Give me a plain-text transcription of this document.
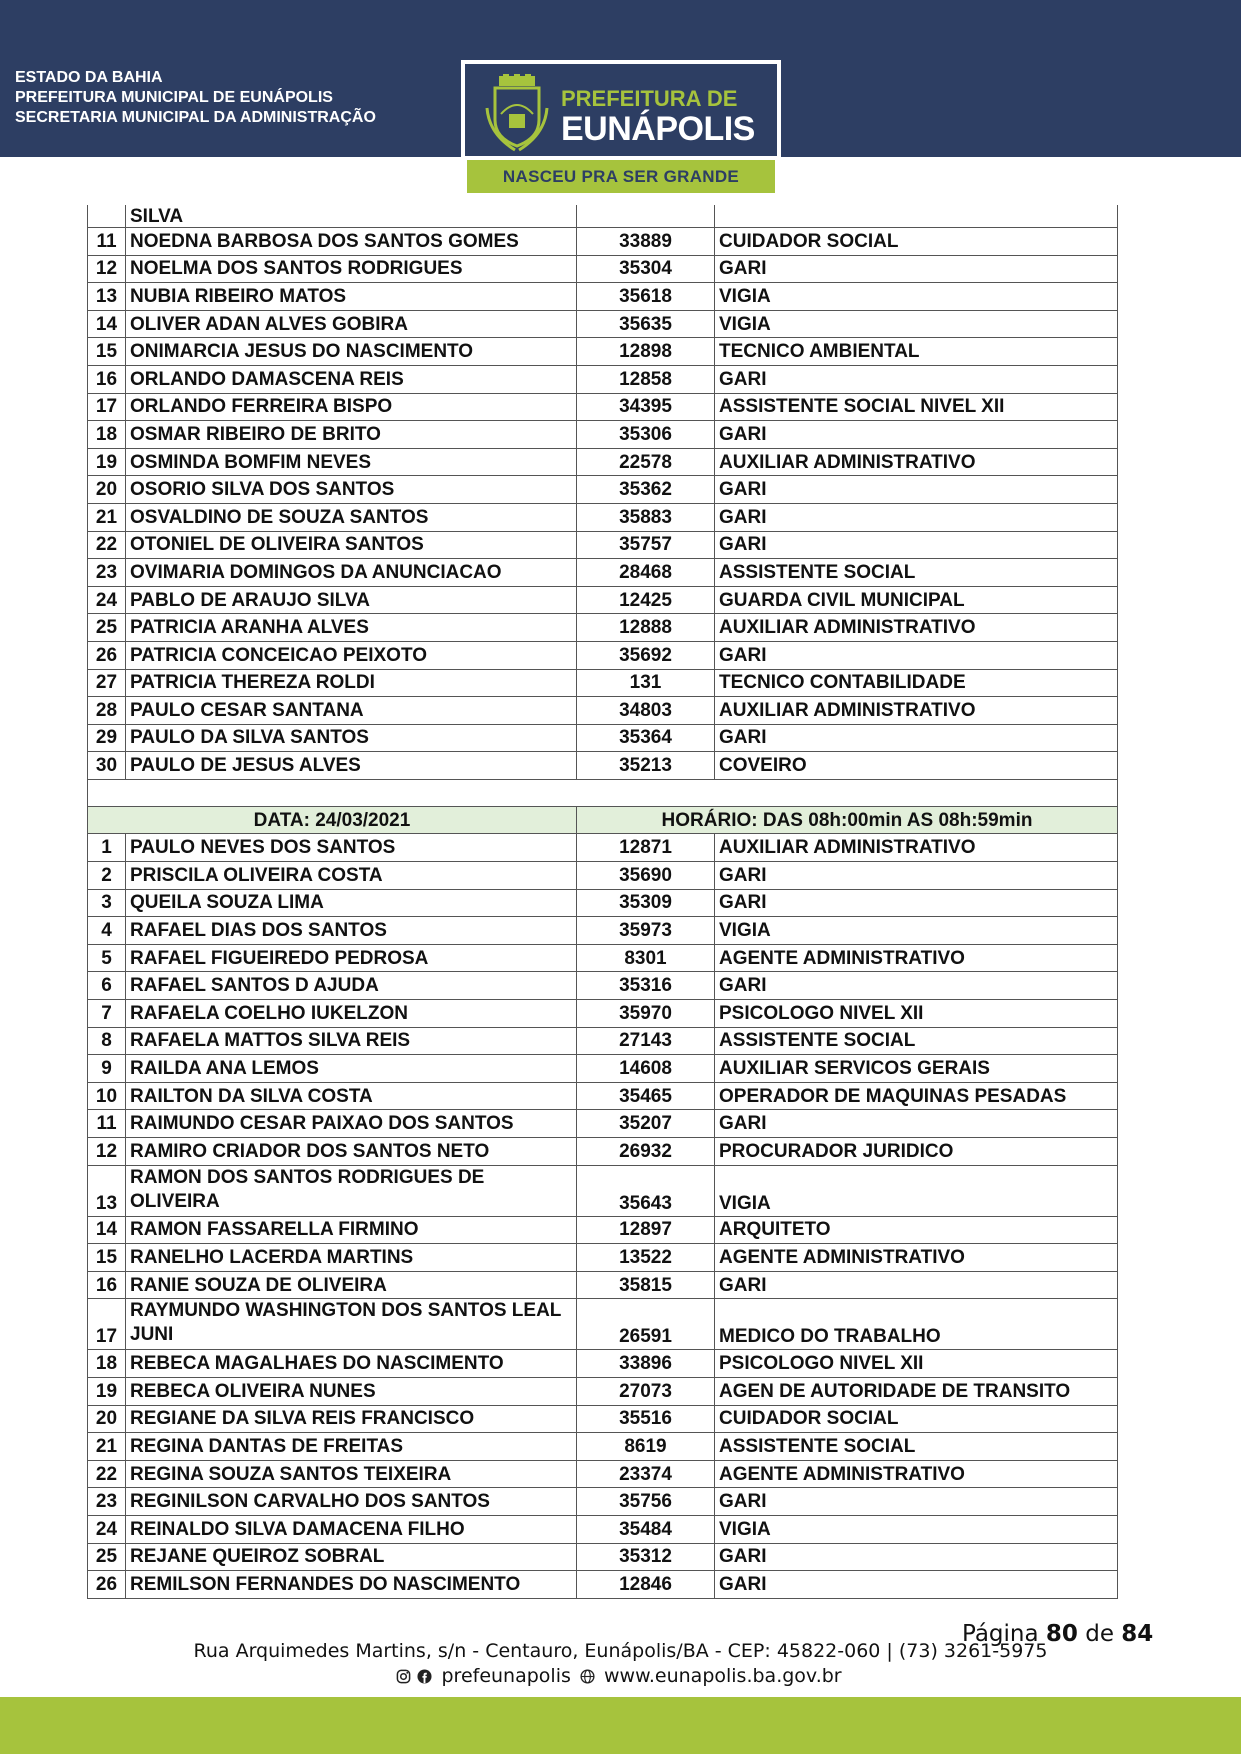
ESTADO DA BAHIA
PREFEITURA MUNICIPAL DE EUNÁPOLIS
SECRETARIA MUNICIPAL DA ADMINISTRAÇÃO
PREFEITURA DE
EUNÁPOLIS
NASCEU PRA SER GRANDE
	SILVA		
11	NOEDNA BARBOSA DOS SANTOS GOMES	33889	CUIDADOR SOCIAL
12	NOELMA DOS SANTOS RODRIGUES	35304	GARI
13	NUBIA RIBEIRO MATOS	35618	VIGIA
14	OLIVER ADAN ALVES GOBIRA	35635	VIGIA
15	ONIMARCIA JESUS DO NASCIMENTO	12898	TECNICO AMBIENTAL
16	ORLANDO DAMASCENA REIS	12858	GARI
17	ORLANDO FERREIRA BISPO	34395	ASSISTENTE SOCIAL NIVEL XII
18	OSMAR RIBEIRO DE BRITO	35306	GARI
19	OSMINDA BOMFIM NEVES	22578	AUXILIAR ADMINISTRATIVO
20	OSORIO SILVA DOS SANTOS	35362	GARI
21	OSVALDINO DE SOUZA SANTOS	35883	GARI
22	OTONIEL DE OLIVEIRA SANTOS	35757	GARI
23	OVIMARIA DOMINGOS DA ANUNCIACAO	28468	ASSISTENTE SOCIAL
24	PABLO DE ARAUJO SILVA	12425	GUARDA CIVIL MUNICIPAL
25	PATRICIA ARANHA ALVES	12888	AUXILIAR ADMINISTRATIVO
26	PATRICIA CONCEICAO PEIXOTO	35692	GARI
27	PATRICIA THEREZA ROLDI	131	TECNICO CONTABILIDADE
28	PAULO CESAR SANTANA	34803	AUXILIAR ADMINISTRATIVO
29	PAULO DA SILVA SANTOS	35364	GARI
30	PAULO DE JESUS ALVES	35213	COVEIRO

DATA: 24/03/2021		HORÁRIO: DAS 08h:00min AS 08h:59min	
1	PAULO NEVES DOS SANTOS	12871	AUXILIAR ADMINISTRATIVO
2	PRISCILA OLIVEIRA COSTA	35690	GARI
3	QUEILA SOUZA LIMA	35309	GARI
4	RAFAEL DIAS DOS SANTOS	35973	VIGIA
5	RAFAEL FIGUEIREDO PEDROSA	8301	AGENTE ADMINISTRATIVO
6	RAFAEL SANTOS D AJUDA	35316	GARI
7	RAFAELA COELHO IUKELZON	35970	PSICOLOGO NIVEL XII
8	RAFAELA MATTOS SILVA REIS	27143	ASSISTENTE SOCIAL
9	RAILDA ANA LEMOS	14608	AUXILIAR SERVICOS GERAIS
10	RAILTON DA SILVA COSTA	35465	OPERADOR DE MAQUINAS PESADAS
11	RAIMUNDO CESAR PAIXAO DOS SANTOS	35207	GARI
12	RAMIRO CRIADOR DOS SANTOS NETO	26932	PROCURADOR JURIDICO
13	RAMON DOS SANTOS RODRIGUES DE OLIVEIRA	35643	VIGIA
14	RAMON FASSARELLA FIRMINO	12897	ARQUITETO
15	RANELHO LACERDA MARTINS	13522	AGENTE ADMINISTRATIVO
16	RANIE SOUZA DE OLIVEIRA	35815	GARI
17	RAYMUNDO WASHINGTON DOS SANTOS LEAL JUNI	26591	MEDICO DO TRABALHO
18	REBECA MAGALHAES DO NASCIMENTO	33896	PSICOLOGO NIVEL XII
19	REBECA OLIVEIRA NUNES	27073	AGEN DE AUTORIDADE DE TRANSITO
20	REGIANE DA SILVA REIS FRANCISCO	35516	CUIDADOR SOCIAL
21	REGINA DANTAS DE FREITAS	8619	ASSISTENTE SOCIAL
22	REGINA SOUZA SANTOS TEIXEIRA	23374	AGENTE ADMINISTRATIVO
23	REGINILSON CARVALHO DOS SANTOS	35756	GARI
24	REINALDO SILVA DAMACENA FILHO	35484	VIGIA
25	REJANE QUEIROZ SOBRAL	35312	GARI
26	REMILSON FERNANDES DO NASCIMENTO	12846	GARI
Página 80 de 84
Rua Arquimedes Martins, s/n - Centauro, Eunápolis/BA - CEP: 45822-060 | (73) 3261-5975
prefeunapolis www.eunapolis.ba.gov.br
